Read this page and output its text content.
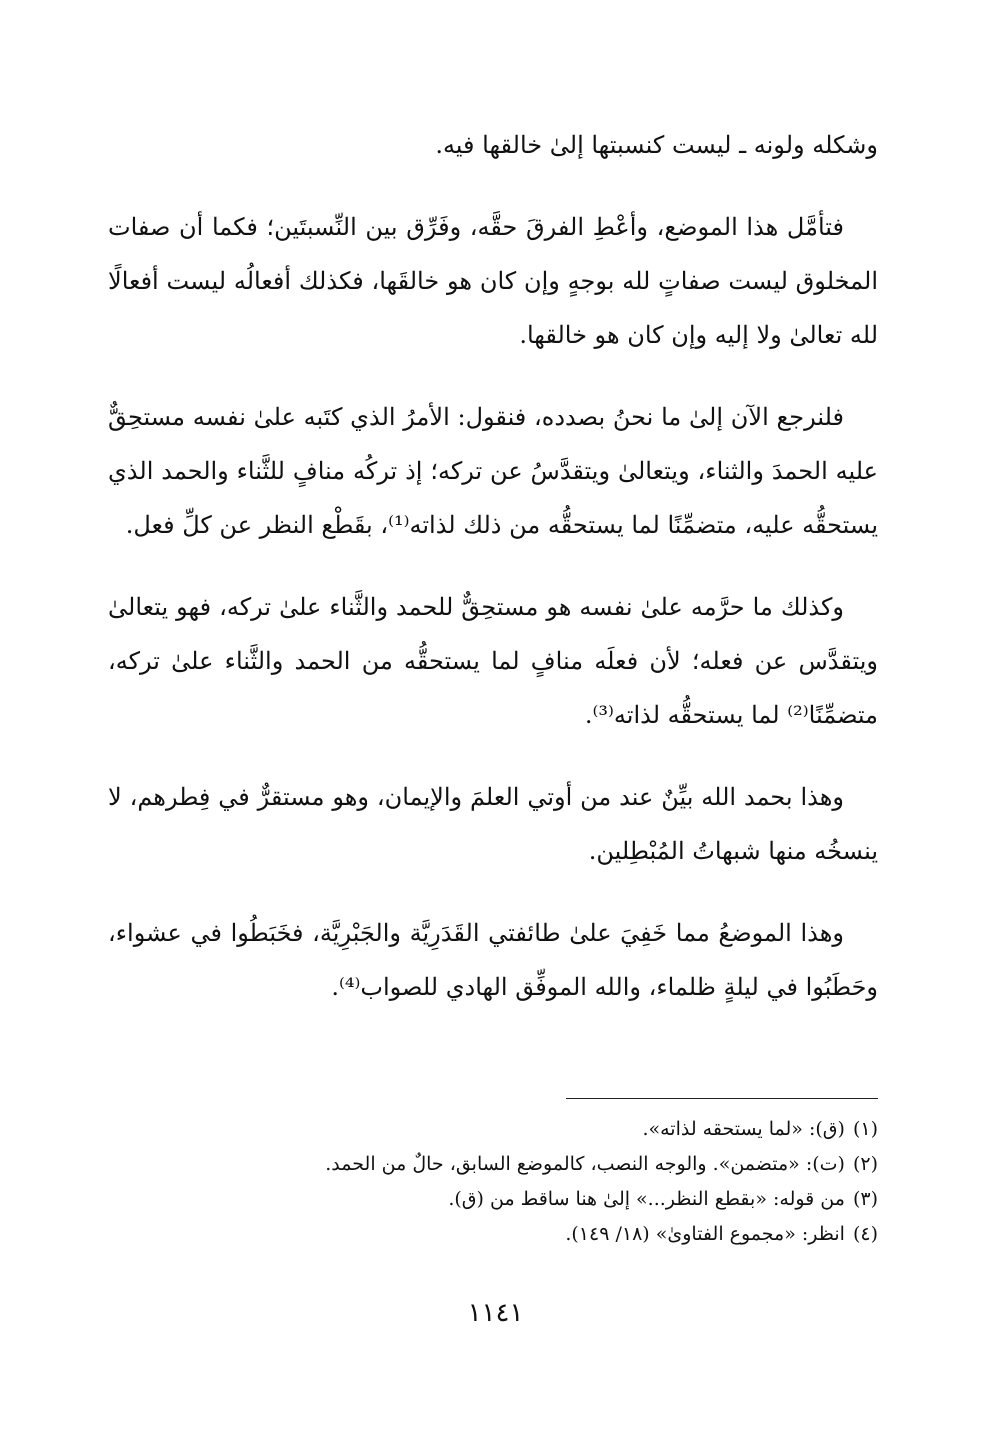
وشكله ولونه ـ ليست كنسبتها إلىٰ خالقها فيه.

فتأمَّل هذا الموضع، وأعْطِ الفرقَ حقَّه، وفَرِّق بين النِّسبتَين؛ فكما أن صفات المخلوق ليست صفاتٍ لله بوجهٍ وإن كان هو خالقَها، فكذلك أفعالُه ليست أفعالًا لله تعالىٰ ولا إليه وإن كان هو خالقها.

فلنرجع الآن إلىٰ ما نحنُ بصدده، فنقول: الأمرُ الذي كتَبه علىٰ نفسه مستحِقٌّ عليه الحمدَ والثناء، ويتعالىٰ ويتقدَّسُ عن تركه؛ إذ تركُه منافٍ للثَّناء والحمد الذي يستحقُّه عليه، متضمِّنًا لما يستحقُّه من ذلك لذاته⁽¹⁾، بقَطْع النظر عن كلِّ فعل.

وكذلك ما حرَّمه علىٰ نفسه هو مستحِقٌّ للحمد والثَّناء علىٰ تركه، فهو يتعالىٰ ويتقدَّس عن فعله؛ لأن فعلَه منافٍ لما يستحقُّه من الحمد والثَّناء علىٰ تركه، متضمِّنًا⁽²⁾ لما يستحقُّه لذاته⁽³⁾.

وهذا بحمد الله بيِّنٌ عند من أوتي العلمَ والإيمان، وهو مستقرٌّ في فِطرهم، لا ينسخُه منها شبهاتُ المُبْطِلين.

وهذا الموضعُ مما خَفِيَ علىٰ طائفتي القَدَرِيَّة والجَبْرِيَّة، فخَبَطُوا في عشواء، وحَطَبُوا في ليلةٍ ظلماء، والله الموفِّق الهادي للصواب⁽⁴⁾.

(١)(ق): «لما يستحقه لذاته».

(٢)(ت): «متضمن». والوجه النصب، كالموضع السابق، حالٌ من الحمد.

(٣)من قوله: «بقطع النظر...» إلىٰ هنا ساقط من (ق).

(٤)انظر: «مجموع الفتاوىٰ» (١٨/ ١٤٩).

١١٤١
